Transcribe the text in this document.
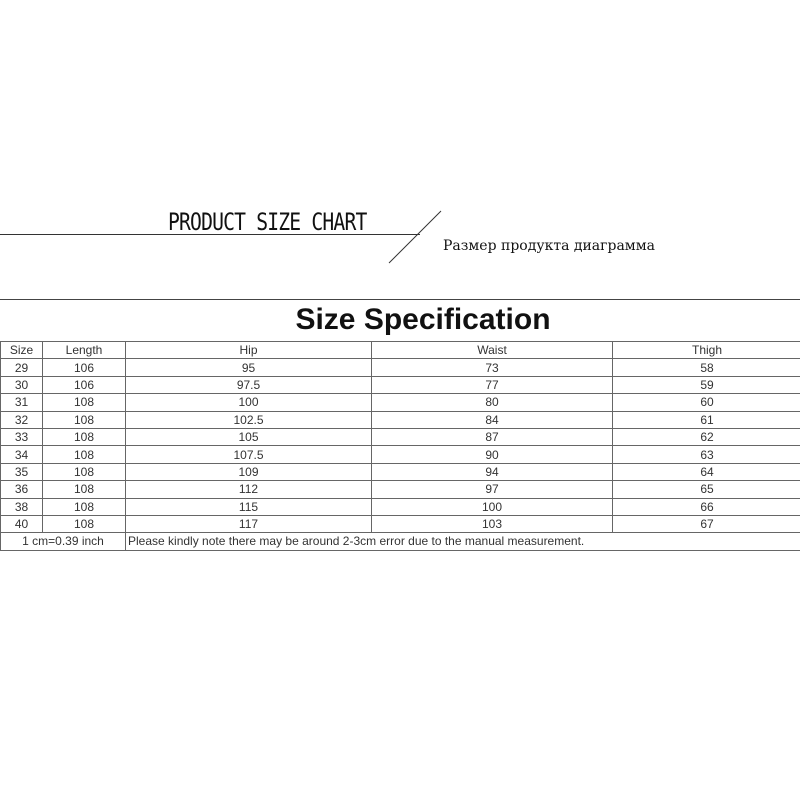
PRODUCT SIZE CHART
Размер продукта диаграмма
Size Specification
Size	Length	Hip	Waist	Thigh
29	106	95	73	58
30	106	97.5	77	59
31	108	100	80	60
32	108	102.5	84	61
33	108	105	87	62
34	108	107.5	90	63
35	108	109	94	64
36	108	112	97	65
38	108	115	100	66
40	108	117	103	67
1 cm=0.39 inch		Please kindly note there may be around 2-3cm error due to the manual measurement.		
